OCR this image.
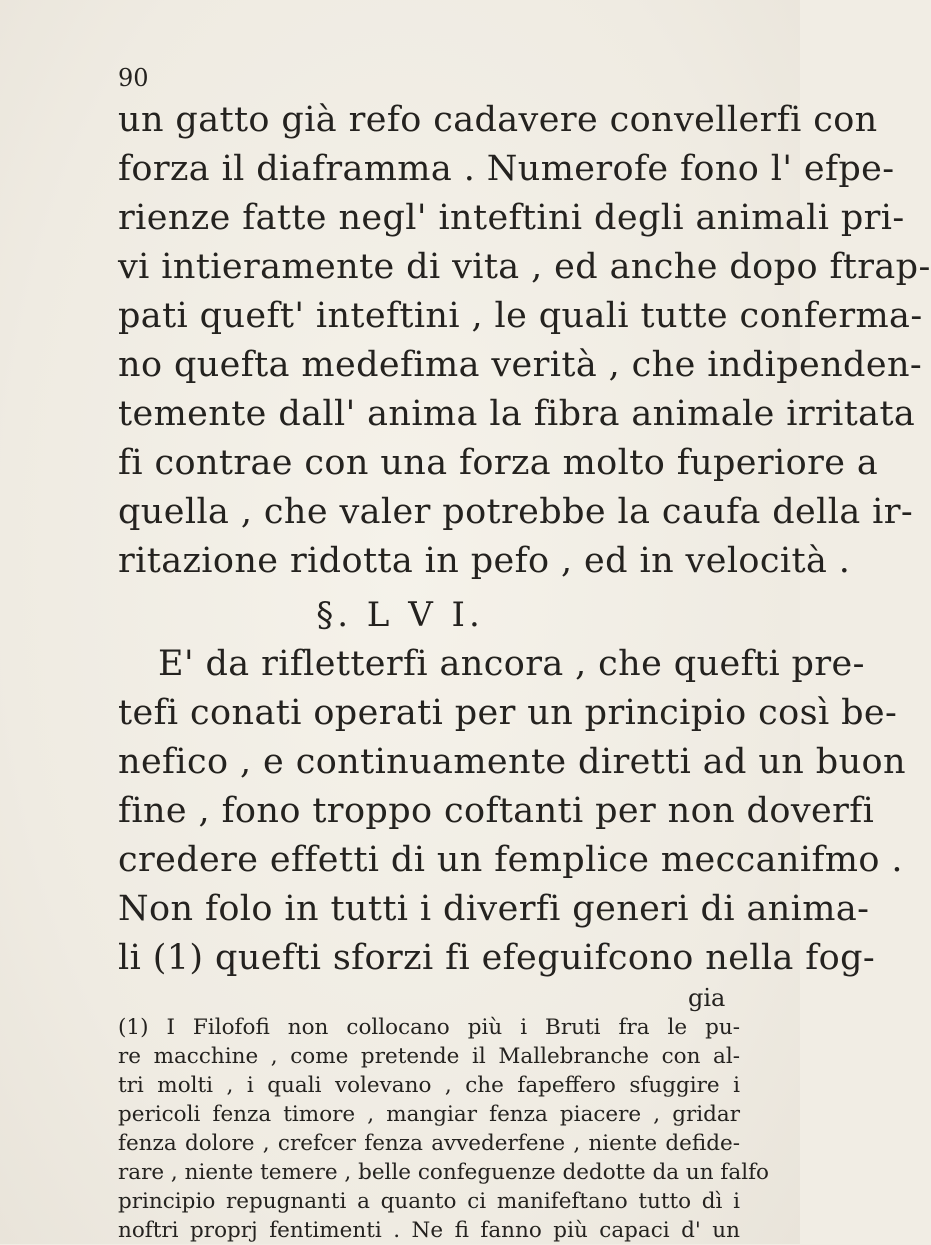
90
un gatto già refo cadavere convellerfi con
forza il diaframma . Numerofe fono l' efpe-
rienze fatte negl' inteftini degli animali pri-
vi intieramente di vita , ed anche dopo ftrap-
pati queft' inteftini , le quali tutte conferma-
no quefta medefima verità , che indipenden-
temente dall' anima la fibra animale irritata
fi contrae con una forza molto fuperiore a
quella , che valer potrebbe la caufa della ir-
ritazione ridotta in pefo , ed in velocità .
§. L V I.
E' da rifletterfi ancora , che quefti pre-
tefi conati operati per un principio così be-
nefico , e continuamente diretti ad un buon
fine , fono troppo coftanti per non doverfi
credere effetti di un femplice meccanifmo .
Non folo in tutti i diverfi generi di anima-
li (1) quefti sforzi fi efeguifcono nella fog-
gia
(1) I Filofofi non collocano più i Bruti fra le pu-
re macchine , come pretende il Mallebranche con al-
tri molti , i quali volevano , che fapeffero sfuggire i
pericoli fenza timore , mangiar fenza piacere , gridar
fenza dolore , crefcer fenza avvederfene , niente defide-
rare , niente temere , belle confeguenze dedotte da un falfo
principio repugnanti a quanto ci manifeftano tutto dì i
noftri proprj fentimenti . Ne fi fanno più capaci d' un
